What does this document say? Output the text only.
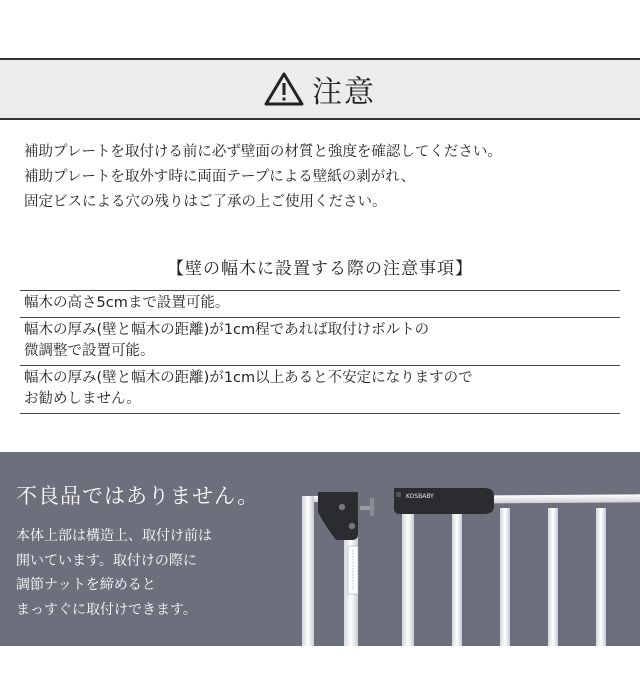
注意
補助プレートを取付ける前に必ず壁面の材質と強度を確認してください。
補助プレートを取外す時に両面テープによる壁紙の剥がれ、
固定ビスによる穴の残りはご了承の上ご使用ください。
【壁の幅木に設置する際の注意事項】
幅木の高さ5cmまで設置可能。
幅木の厚み(壁と幅木の距離)が1cm程であれば取付けボルトの
微調整で設置可能。
幅木の厚み(壁と幅木の距離)が1cm以上あると不安定になりますので
お勧めしません。
不良品ではありません。
本体上部は構造上、取付け前は
開いています。取付けの際に
調節ナットを締めると
まっすぐに取付けできます。
KOSBABY
